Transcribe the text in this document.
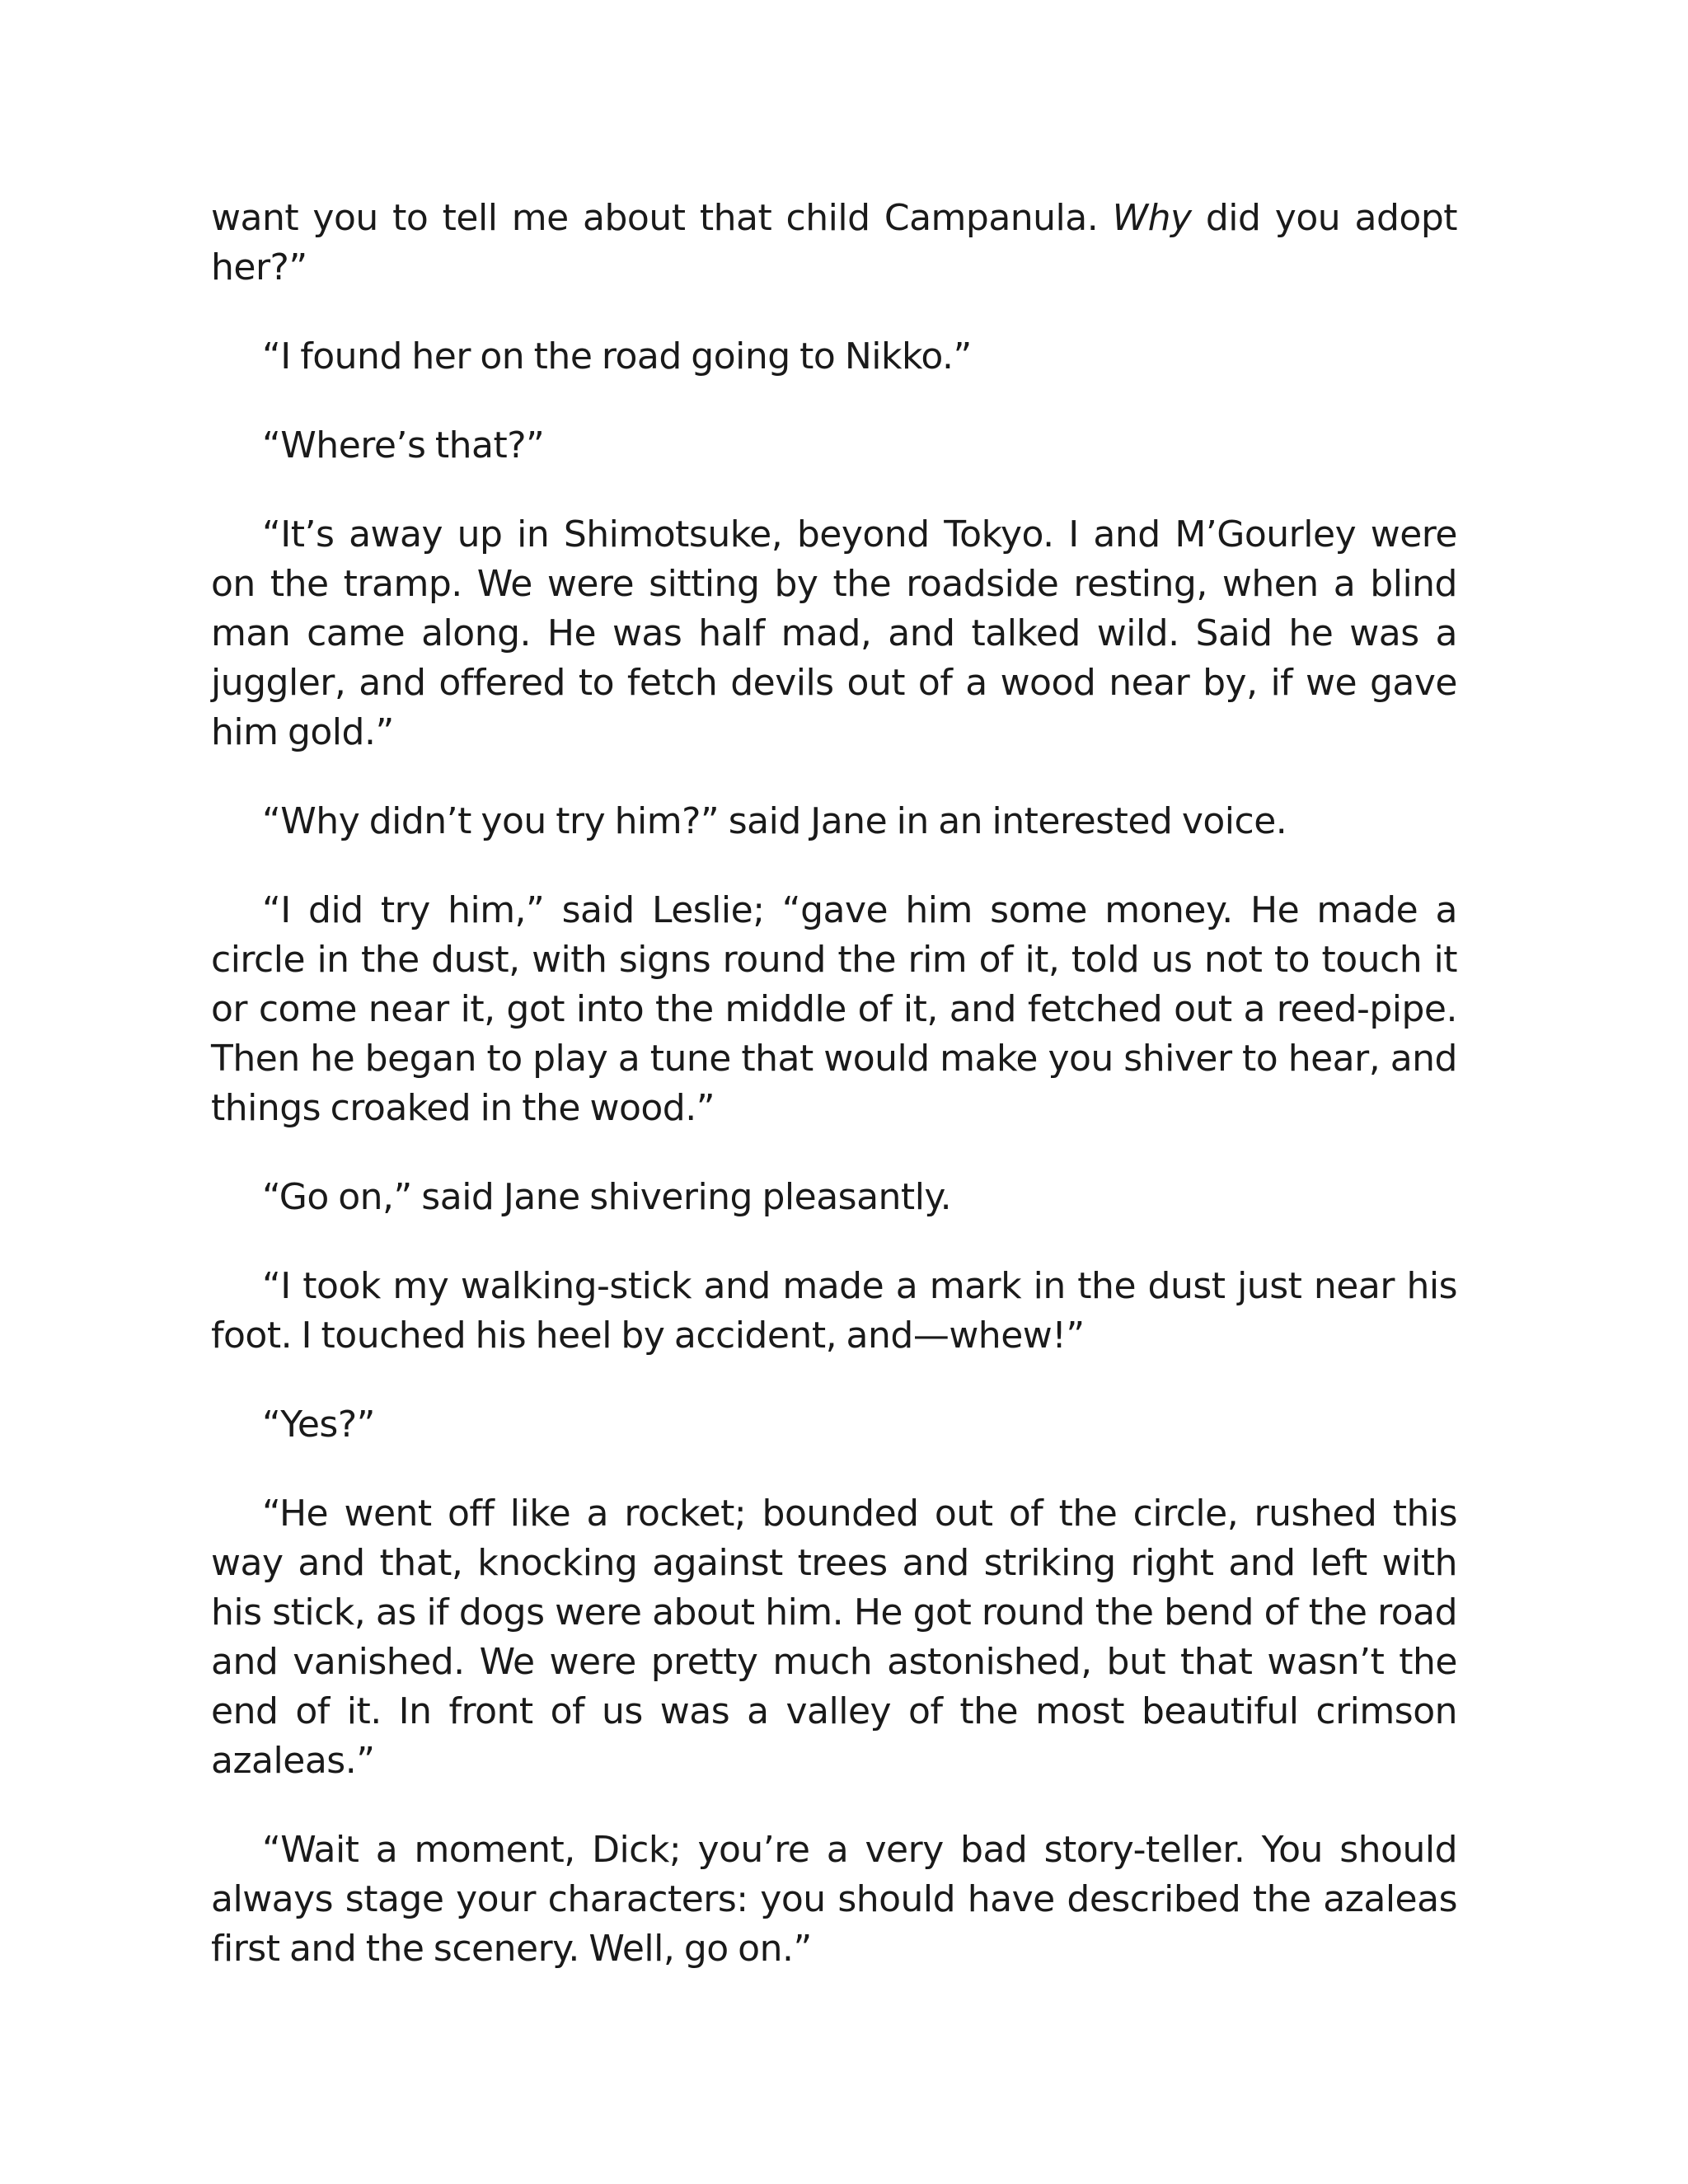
want you to tell me about that child Campanula. Why did you adopt her?”

“I found her on the road going to Nikko.”

“Where’s that?”

“It’s away up in Shimotsuke, beyond Tokyo. I and M’Gourley were on the tramp. We were sitting by the roadside resting, when a blind man came along. He was half mad, and talked wild. Said he was a juggler, and offered to fetch devils out of a wood near by, if we gave him gold.”

“Why didn’t you try him?” said Jane in an interested voice.

“I did try him,” said Leslie; “gave him some money. He made a circle in the dust, with signs round the rim of it, told us not to touch it or come near it, got into the middle of it, and fetched out a reed-pipe. Then he began to play a tune that would make you shiver to hear, and things croaked in the wood.”

“Go on,” said Jane shivering pleasantly.

“I took my walking-stick and made a mark in the dust just near his foot. I touched his heel by accident, and—whew!”

“Yes?”

“He went off like a rocket; bounded out of the circle, rushed this way and that, knocking against trees and striking right and left with his stick, as if dogs were about him. He got round the bend of the road and vanished. We were pretty much astonished, but that wasn’t the end of it. In front of us was a valley of the most beautiful crimson azaleas.”

“Wait a moment, Dick; you’re a very bad story-teller. You should always stage your characters: you should have described the azaleas first and the scenery. Well, go on.”
